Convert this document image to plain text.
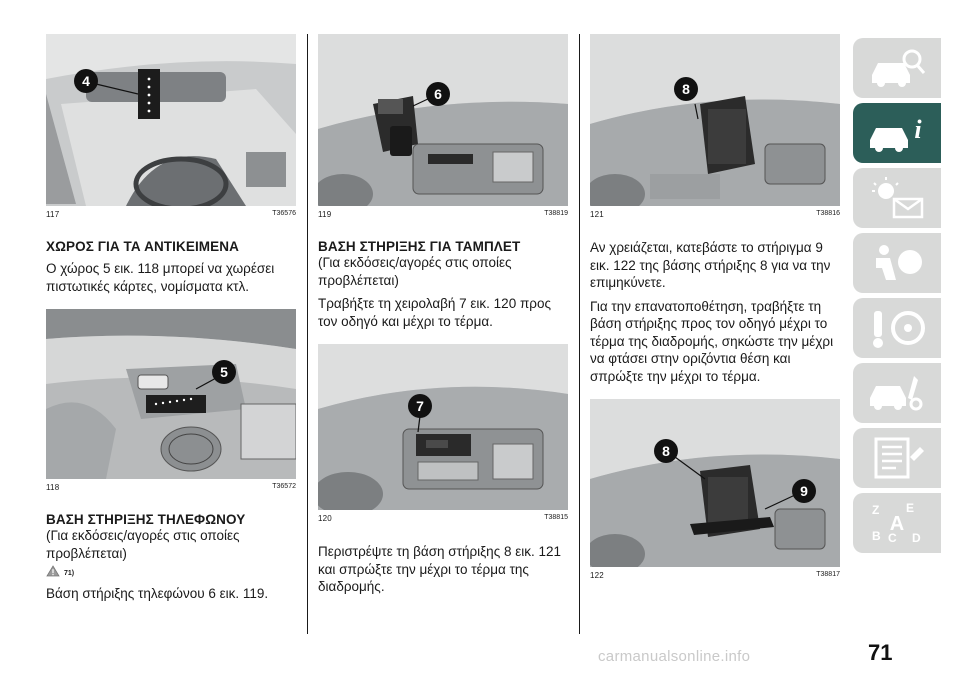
4
117	T36576
ΧΩΡΟΣ ΓΙΑ ΤΑ ΑΝΤΙΚΕΙΜΕΝΑ

Ο χώρος 5 εικ. 118 μπορεί να χωρέσει πιστωτικές κάρτες, νομίσματα κτλ.

5
118	T36572
ΒΑΣΗ ΣΤΗΡΙΞΗΣ ΤΗΛΕΦΩΝΟΥ

(Για εκδόσεις/αγορές στις οποίες προβλέπεται)

71)

Βάση στήριξης τηλεφώνου 6 εικ. 119.

6
119	T38819
ΒΑΣΗ ΣΤΗΡΙΞΗΣ ΓΙΑ ΤΑΜΠΛΕΤ

(Για εκδόσεις/αγορές στις οποίες προβλέπεται)

Τραβήξτε τη χειρολαβή 7 εικ. 120 προς τον οδηγό και μέχρι το τέρμα.

7
120	T38815

Περιστρέψτε τη βάση στήριξης 8 εικ. 121 και σπρώξτε την μέχρι το τέρμα της διαδρομής.

8
121	T38816

Αν χρειάζεται, κατεβάστε το στήριγμα 9 εικ. 122 της βάσης στήριξης 8 για να την επιμηκύνετε.

Για την επανατοποθέτηση, τραβήξτε τη βάση στήριξης προς τον οδηγό μέχρι το τέρμα της διαδρομής, σηκώστε την μέχρι να φτάσει στην οριζόντια θέση και σπρώξτε την μέχρι το τέρμα.

8
9
122	T38817
i
Z E
B C D
A
71
carmanualsonline.info
